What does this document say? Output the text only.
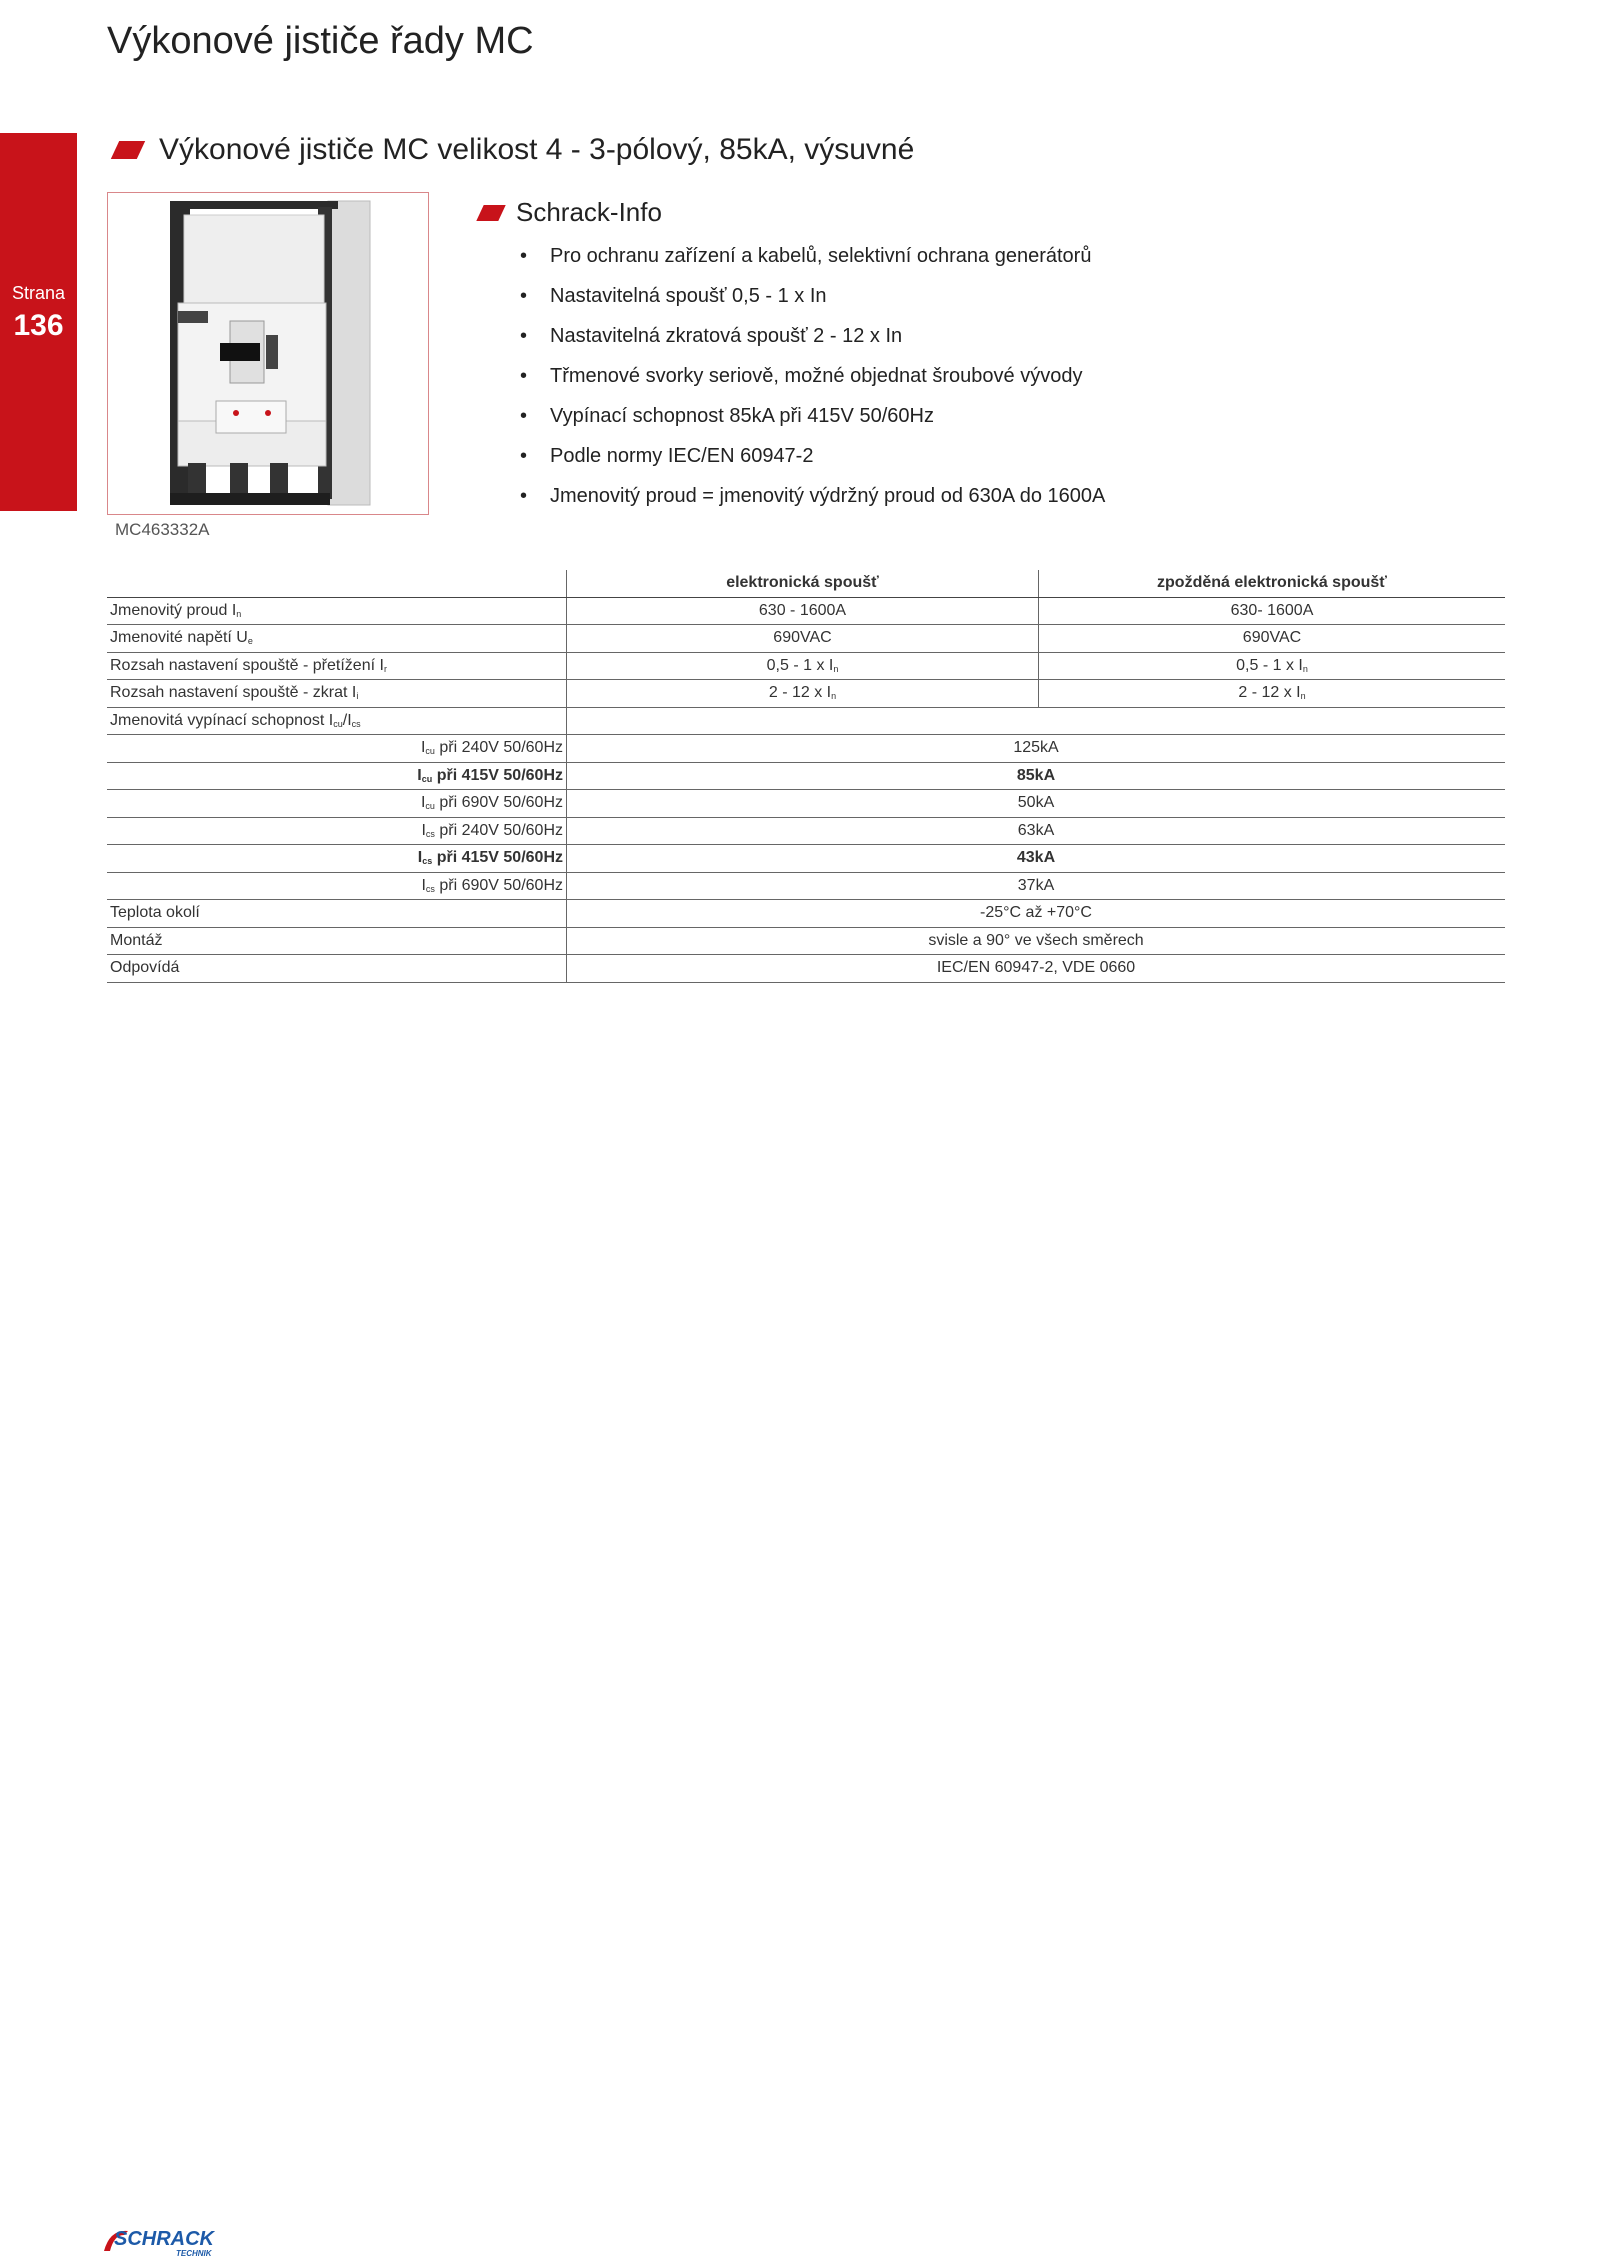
Výkonové jističe řady MC
Strana
136
Výkonové jističe MC velikost 4 - 3-pólový, 85kA, výsuvné
MC463332A
Schrack-Info
• Pro ochranu zařízení a kabelů, selektivní ochrana generátorů
• Nastavitelná spoušť 0,5 - 1 x In
• Nastavitelná zkratová spoušť 2 - 12 x In
• Třmenové svorky seriově, možné objednat šroubové vývody
• Vypínací schopnost 85kA při 415V 50/60Hz
• Podle normy IEC/EN 60947-2
• Jmenovitý proud = jmenovitý výdržný proud od 630A do 1600A
	elektronická spoušť	zpožděná elektronická spoušť
Jmenovitý proud $I_n$	630 - 1600A	630- 1600A
Jmenovité napětí $U_e$	690VAC	690VAC
Rozsah nastavení spouště - přetížení $I_r$	0,5 - 1 x $I_n$	0,5 - 1 x $I_n$
Rozsah nastavení spouště - zkrat $I_i$	2 - 12 x $I_n$	2 - 12 x $I_n$
Jmenovitá vypínací schopnost $I_{cu}/I_{cs}$	
$I_{cu}$ při 240V 50/60Hz	125kA	
$I_{cu}$ při 415V 50/60Hz	85kA	
$I_{cu}$ při 690V 50/60Hz	50kA	
$I_{cs}$ při 240V 50/60Hz	63kA	
$I_{cs}$ při 415V 50/60Hz	43kA	
$I_{cs}$ při 690V 50/60Hz	37kA	
Teplota okolí	-25°C až +70°C	
Montáž	svisle a 90° ve všech směrech	
Odpovídá	IEC/EN 60947-2, VDE 0660	
SCHRACK
TECHNIK
